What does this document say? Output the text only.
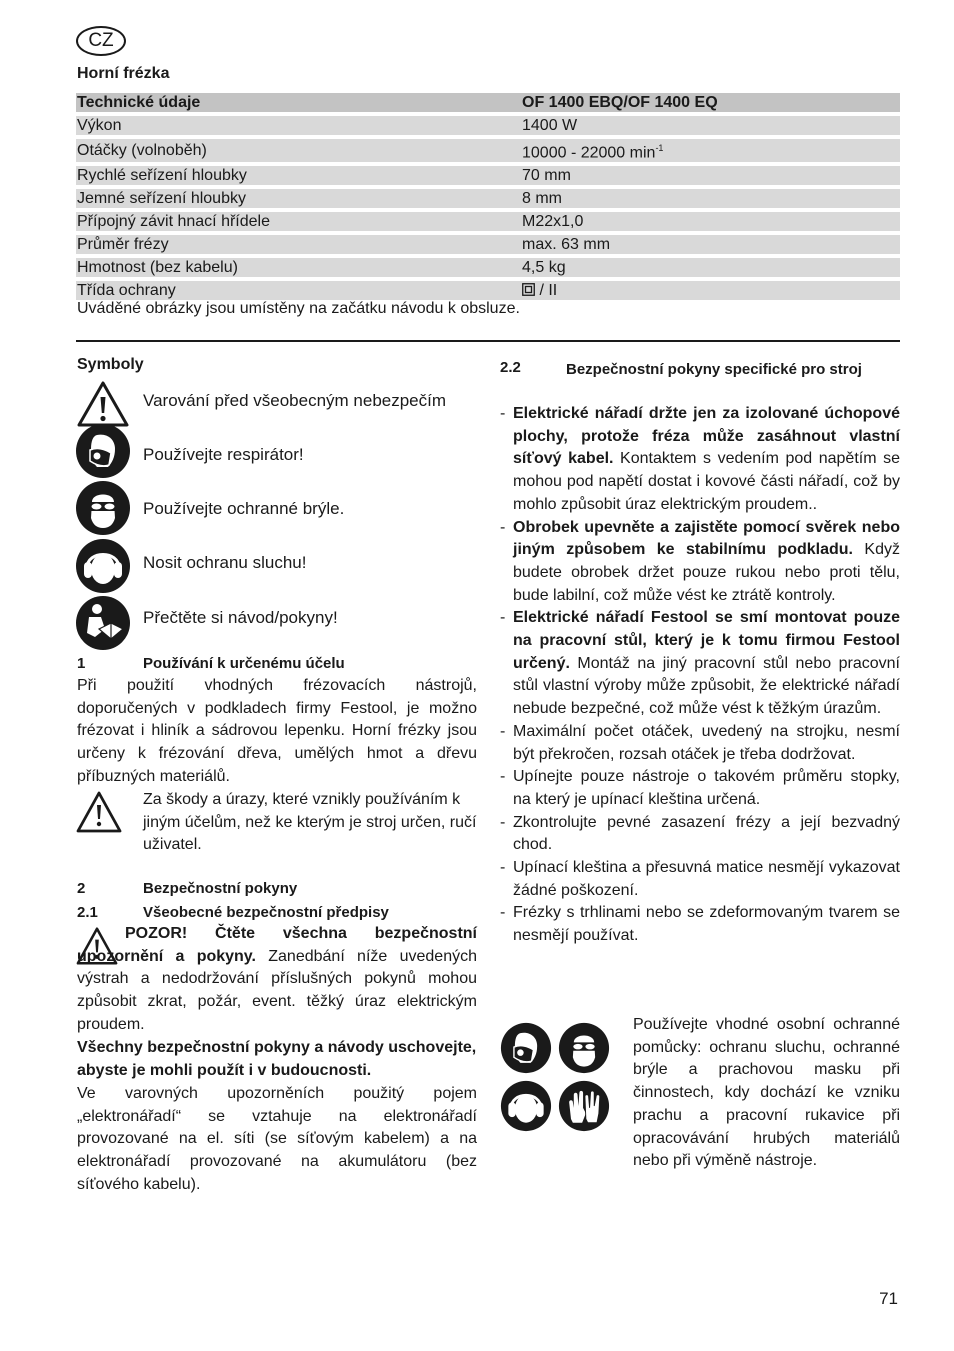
CZ
Horní frézka
Technické údaje	OF 1400 EBQ/OF 1400 EQ
Výkon	1400 W
Otáčky (volnoběh)	10000 - 22000 $\min^{-1}$
Rychlé seřízení hloubky	70 mm
Jemné seřízení hloubky	8 mm
Přípojný závit hnací hřídele	M22x1,0
Průměr frézy	max. 63 mm
Hmotnost (bez kabelu)	4,5 kg
Třída ochrany	/ II
Uváděné obrázky jsou umístěny na začátku návodu k obsluze.
Symboly
Varování před všeobecným nebezpečím
Používejte respirátor!
Používejte ochranné brýle.
Nosit ochranu sluchu!
Přečtěte si návod/pokyny!
1	Používání k určenému účelu
Při použití vhodných frézovacích nástrojů, doporučených v podkladech firmy Festool, je možno frézovat i hliník a sádrovou lepenku. Horní frézky jsou určeny k frézování dřeva, umělých hmot a dřevu příbuzných materiálů.
Za škody a úrazy, které vznikly používáním k jiným účelům, než ke kterým je stroj určen, ručí uživatel.
2	Bezpečnostní pokyny
2.1	Všeobecné bezpečnostní předpisy
POZOR! Čtěte všechna bezpečnostní upozornění a pokyny. Zanedbání níže uvedených výstrah a nedodržování příslušných pokynů mohou způsobit zkrat, požár, event. těžký úraz elektrickým proudem.
Všechny bezpečnostní pokyny a návody uschovejte, abyste je mohli použít i v budoucnosti.
Ve varovných upozorněních použitý pojem „elektronářadí“ se vztahuje na elektronářadí provozované na el. síti (se síťovým kabelem) a na elektronářadí provozované na akumulátoru (bez síťového kabelu).
2.2	Bezpečnostní pokyny specifické pro stroj
- Elektrické nářadí držte jen za izolované úchopové plochy, protože fréza může zasáhnout vlastní síťový kabel. Kontaktem s vedením pod napětím se mohou pod napětí dostat i kovové části nářadí, což by mohlo způsobit úraz elektrickým proudem..
- Obrobek upevněte a zajistěte pomocí svěrek nebo jiným způsobem ke stabilnímu podkladu. Když budete obrobek držet pouze rukou nebo proti tělu, bude labilní, což může vést ke ztrátě kontroly.
- Elektrické nářadí Festool se smí montovat pouze na pracovní stůl, který je k tomu firmou Festool určený. Montáž na jiný pracovní stůl nebo pracovní stůl vlastní výroby může způsobit, že elektrické nářadí nebude bezpečné, což může vést k těžkým úrazům.
- Maximální počet otáček, uvedený na strojku, nesmí být překročen, rozsah otáček je třeba dodržovat.
- Upínejte pouze nástroje o takovém průměru stopky, na který je upínací kleština určená.
- Zkontrolujte pevné zasazení frézy a její bezvadný chod.
- Upínací kleština a přesuvná matice nesmějí vykazovat žádné poškození.
- Frézky s trhlinami nebo se zdeformovaným tvarem se nesmějí používat.
Používejte vhodné osobní ochranné pomůcky: ochranu sluchu, ochranné brýle a prachovou masku při činnostech, kdy dochází ke vzniku prachu a pracovní rukavice při opracovávání hrubých materiálů nebo při výměně nástroje.
71
